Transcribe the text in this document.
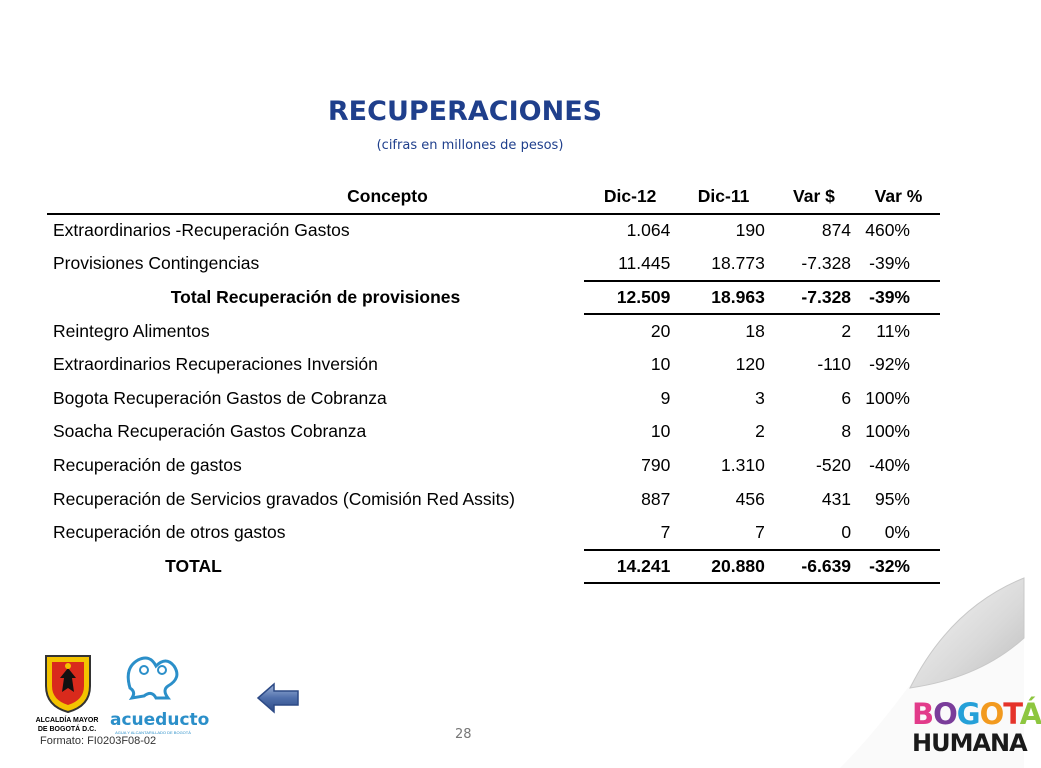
RECUPERACIONES
(cifras en millones de pesos)
Concepto	Dic-12	Dic-11	Var $	Var %
Extraordinarios -Recuperación Gastos	1.064	190	874	460%
Provisiones Contingencias	11.445	18.773	-7.328	-39%
Total Recuperación de provisiones	12.509	18.963	-7.328	-39%
Reintegro Alimentos	20	18	2	11%
Extraordinarios Recuperaciones Inversión	10	120	-110	-92%
Bogota Recuperación Gastos de Cobranza	9	3	6	100%
Soacha Recuperación Gastos Cobranza	10	2	8	100%
Recuperación de gastos	790	1.310	-520	-40%
Recuperación de Servicios gravados (Comisión Red Assits)	887	456	431	95%
Recuperación de otros gastos	7	7	0	0%
TOTAL	14.241	20.880	-6.639	-32%
ALCALDÍA MAYOR
DE BOGOTÁ D.C. acueducto
AGUA Y ALCANTARILLADO DE BOGOTÁ
Formato: FI0203F08-02	28
BOGOTÁ
HUMANA
